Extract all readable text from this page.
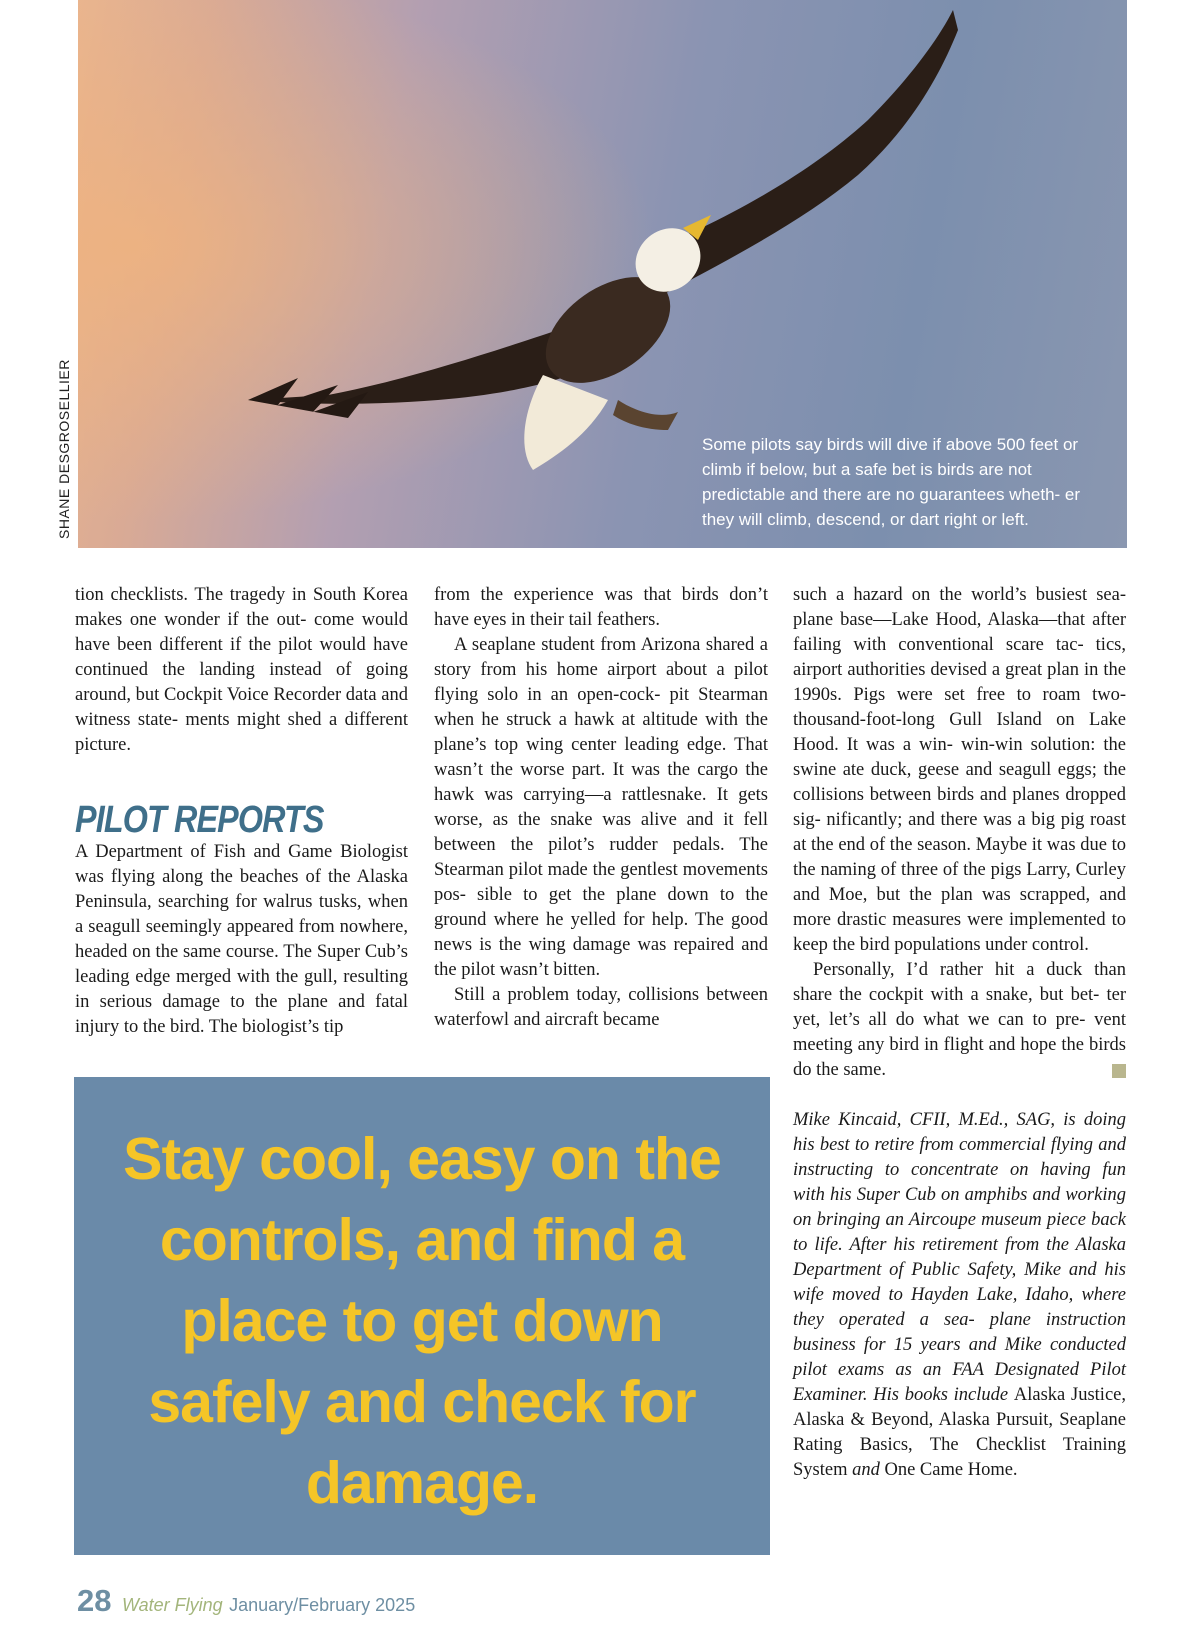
Some pilots say birds will dive if above 500 feet or climb if below, but a safe bet is birds are not predictable and there are no guarantees wheth- er they will climb, descend, or dart right or left.
SHANE DESGROSELLIER

tion checklists. The tragedy in South Korea makes one wonder if the out- come would have been different if the pilot would have continued the landing instead of going around, but Cockpit Voice Recorder data and witness state- ments might shed a different picture.

PILOT REPORTS

A Department of Fish and Game Biologist was flying along the beaches of the Alaska Peninsula, searching for walrus tusks, when a seagull seemingly appeared from nowhere, headed on the same course. The Super Cub’s leading edge merged with the gull, resulting in serious damage to the plane and fatal injury to the bird. The biologist’s tip

from the experience was that birds don’t have eyes in their tail feathers.

A seaplane student from Arizona shared a story from his home airport about a pilot flying solo in an open-cock- pit Stearman when he struck a hawk at altitude with the plane’s top wing center leading edge. That wasn’t the worse part. It was the cargo the hawk was carrying—a rattlesnake. It gets worse, as the snake was alive and it fell between the pilot’s rudder pedals. The Stearman pilot made the gentlest movements pos- sible to get the plane down to the ground where he yelled for help. The good news is the wing damage was repaired and the pilot wasn’t bitten.

Still a problem today, collisions between waterfowl and aircraft became

such a hazard on the world’s busiest sea- plane base—Lake Hood, Alaska—that after failing with conventional scare tac- tics, airport authorities devised a great plan in the 1990s. Pigs were set free to roam two-thousand-foot-long Gull Island on Lake Hood. It was a win- win-win solution: the swine ate duck, geese and seagull eggs; the collisions between birds and planes dropped sig- nificantly; and there was a big pig roast at the end of the season. Maybe it was due to the naming of three of the pigs Larry, Curley and Moe, but the plan was scrapped, and more drastic measures were implemented to keep the bird populations under control.

Personally, I’d rather hit a duck than share the cockpit with a snake, but bet- ter yet, let’s all do what we can to pre- vent meeting any bird in flight and hope the birds do the same.

Mike Kincaid, CFII, M.Ed., SAG, is doing his best to retire from commercial flying and instructing to concentrate on having fun with his Super Cub on amphibs and working on bringing an Aircoupe museum piece back to life. After his retirement from the Alaska Department of Public Safety, Mike and his wife moved to Hayden Lake, Idaho, where they operated a sea- plane instruction business for 15 years and Mike conducted pilot exams as an FAA Designated Pilot Examiner. His books include Alaska Justice, Alaska & Beyond, Alaska Pursuit, Seaplane Rating Basics, The Checklist Training System and One Came Home.

Stay cool, easy on the controls, and find a place to get down safely and check for damage.
28 Water Flying January/February 2025
